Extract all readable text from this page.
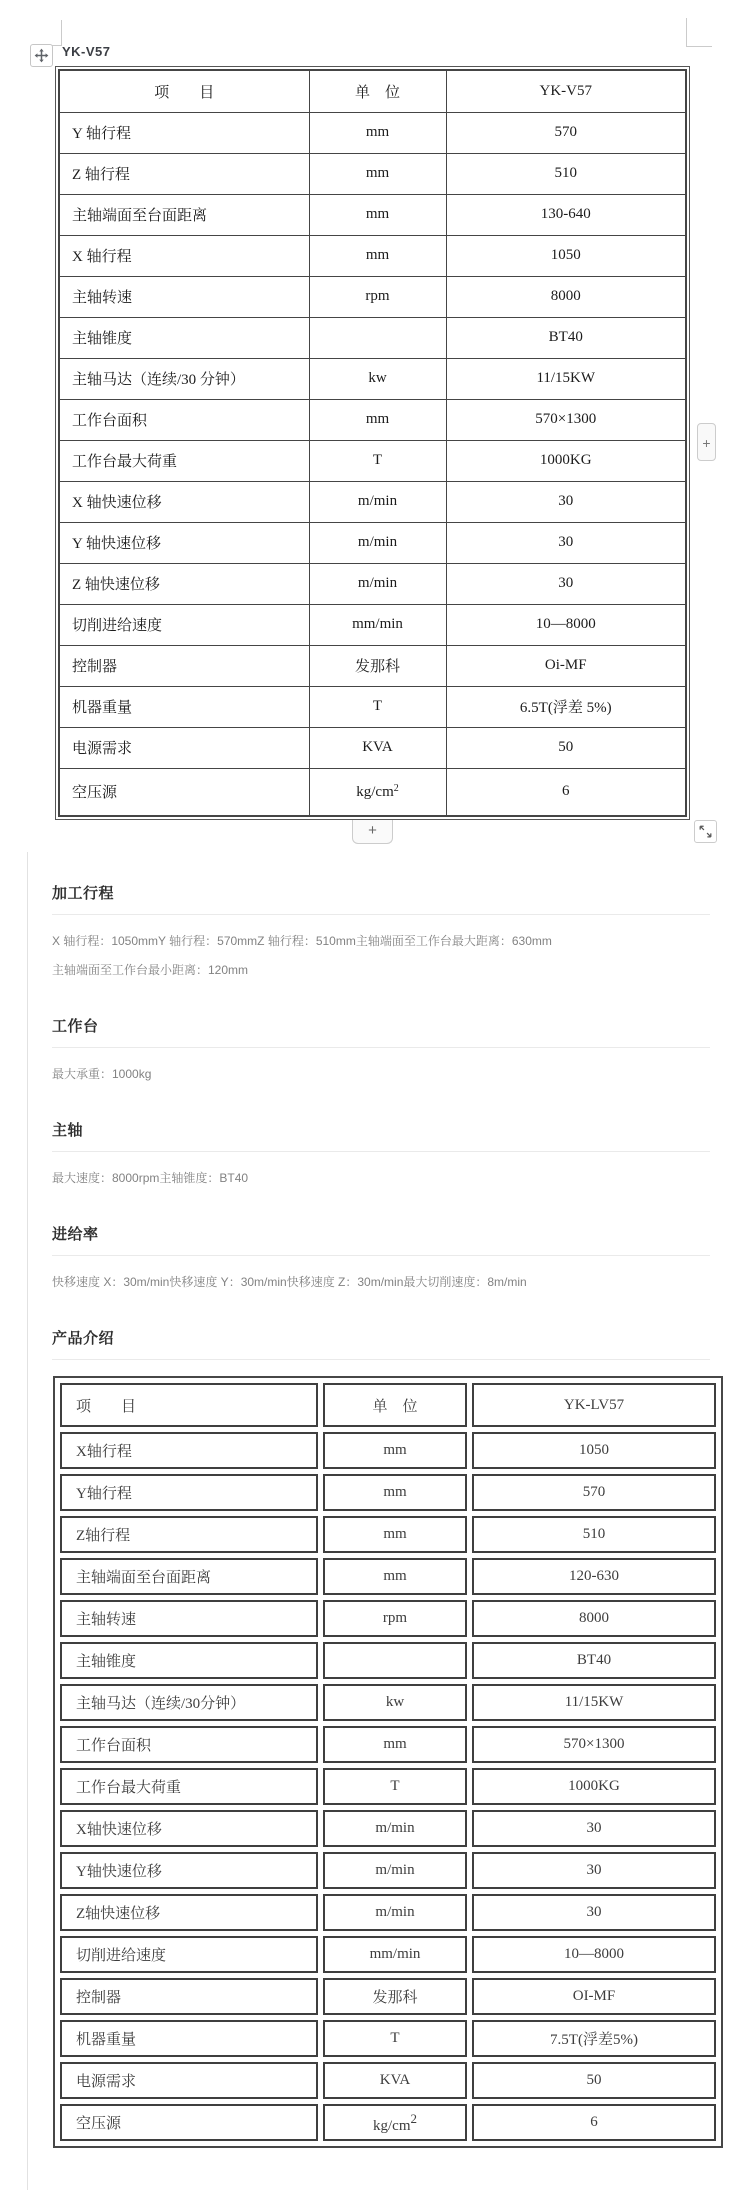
YK-V57
项　　目	单　位	YK-V57
Y 轴行程	mm	570
Z 轴行程	mm	510
主轴端面至台面距离	mm	130-640
X 轴行程	mm	1050
主轴转速	rpm	8000
主轴锥度		BT40
主轴马达（连续/30 分钟）	kw	11/15KW
工作台面积	mm	570×1300
工作台最大荷重	T	1000KG
X 轴快速位移	m/min	30
Y 轴快速位移	m/min	30
Z 轴快速位移	m/min	30
切削进给速度	mm/min	10—8000
控制器	发那科	Oi-MF
机器重量	T	6.5T(浮差 5%)
电源需求	KVA	50
空压源	$kg/cm^2$	6
+
+
加工行程

X 轴行程：1050mmY 轴行程：570mmZ 轴行程：510mm主轴端面至工作台最大距离：630mm

主轴端面至工作台最小距离：120mm

工作台

最大承重：1000kg

主轴

最大速度：8000rpm主轴锥度：BT40

进给率

快移速度 X：30m/min快移速度 Y：30m/min快移速度 Z：30m/min最大切削速度：8m/min

产品介绍
项　　目	单　位	YK-LV57
X轴行程	mm	1050
Y轴行程	mm	570
Z轴行程	mm	510
主轴端面至台面距离	mm	120-630
主轴转速	rpm	8000
主轴锥度		BT40
主轴马达（连续/30分钟）	kw	11/15KW
工作台面积	mm	570×1300
工作台最大荷重	T	1000KG
X轴快速位移	m/min	30
Y轴快速位移	m/min	30
Z轴快速位移	m/min	30
切削进给速度	mm/min	10—8000
控制器	发那科	OI-MF
机器重量	T	7.5T(浮差5%)
电源需求	KVA	50
空压源	kg/cm2	6
